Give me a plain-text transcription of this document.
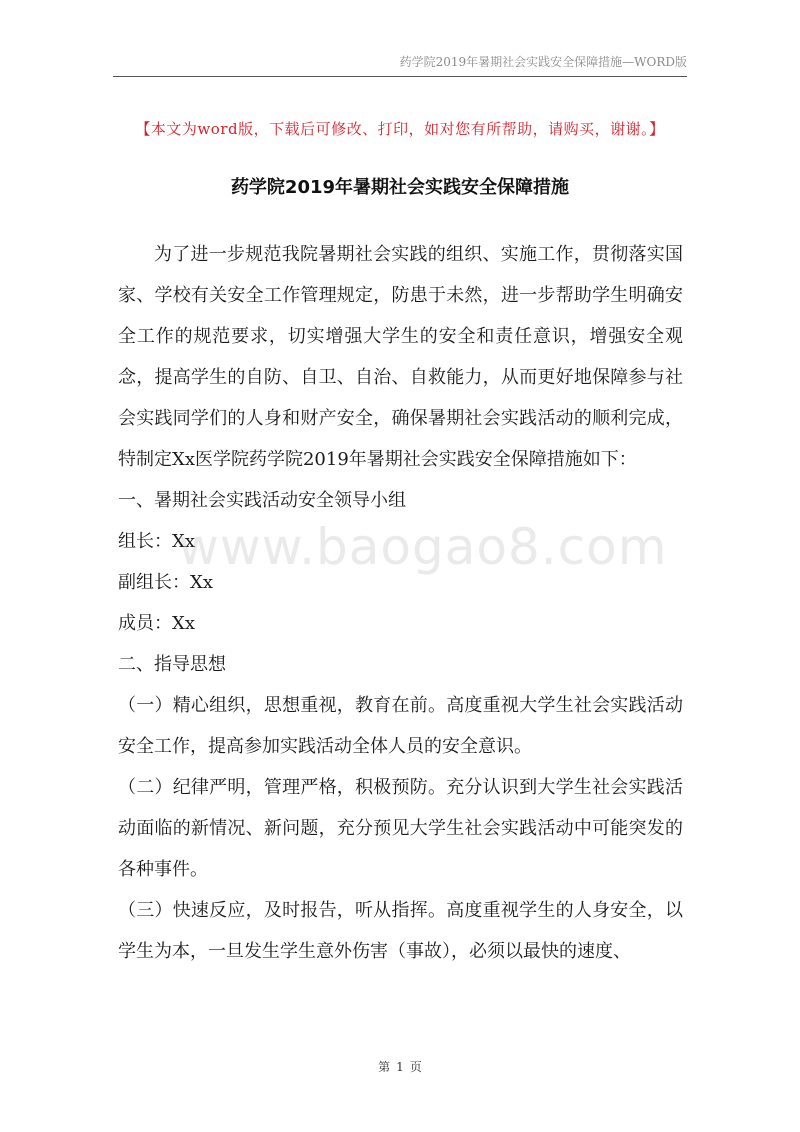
药学院2019年暑期社会实践安全保障措施—WORD版
【本文为word版，下载后可修改、打印，如对您有所帮助，请购买，谢谢。】
药学院2019年暑期社会实践安全保障措施

为了进一步规范我院暑期社会实践的组织、实施工作，贯彻落实国家、学校有关安全工作管理规定，防患于未然，进一步帮助学生明确安全工作的规范要求，切实增强大学生的安全和责任意识，增强安全观念，提高学生的自防、自卫、自治、自救能力，从而更好地保障参与社会实践同学们的人身和财产安全，确保暑期社会实践活动的顺利完成，特制定Xx医学院药学院2019年暑期社会实践安全保障措施如下：

一、暑期社会实践活动安全领导小组

组长：Xx

副组长：Xx

成员：Xx

二、指导思想

（一）精心组织，思想重视，教育在前。高度重视大学生社会实践活动安全工作，提高参加实践活动全体人员的安全意识。

（二）纪律严明，管理严格，积极预防。充分认识到大学生社会实践活动面临的新情况、新问题，充分预见大学生社会实践活动中可能突发的各种事件。

（三）快速反应，及时报告，听从指挥。高度重视学生的人身安全，以学生为本，一旦发生学生意外伤害（事故），必须以最快的速度、

www.baogao8.com
第 1 页
